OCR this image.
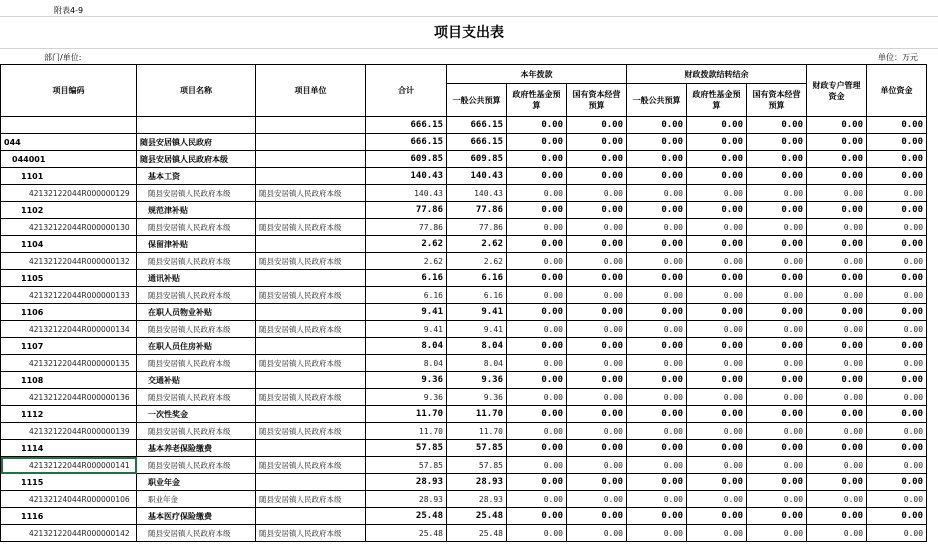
附表4-9
项目支出表
部门/单位:	单位：万元
项目编码	项目名称	项目单位	合计	本年拨款			财政拨款结转结余			财政专户管理资金	单位资金
				一般公共预算	政府性基金预算	国有资本经营预算	一般公共预算	政府性基金预算	国有资本经营预算		
			666.15	666.15	0.00	0.00	0.00	0.00	0.00	0.00	0.00
044	随县安居镇人民政府		666.15	666.15	0.00	0.00	0.00	0.00	0.00	0.00	0.00
044001	随县安居镇人民政府本级		609.85	609.85	0.00	0.00	0.00	0.00	0.00	0.00	0.00
1101	基本工资		140.43	140.43	0.00	0.00	0.00	0.00	0.00	0.00	0.00
42132122044R000000129	随县安居镇人民政府本级	随县安居镇人民政府本级	140.43	140.43	0.00	0.00	0.00	0.00	0.00	0.00	0.00
1102	规范津补贴		77.86	77.86	0.00	0.00	0.00	0.00	0.00	0.00	0.00
42132122044R000000130	随县安居镇人民政府本级	随县安居镇人民政府本级	77.86	77.86	0.00	0.00	0.00	0.00	0.00	0.00	0.00
1104	保留津补贴		2.62	2.62	0.00	0.00	0.00	0.00	0.00	0.00	0.00
42132122044R000000132	随县安居镇人民政府本级	随县安居镇人民政府本级	2.62	2.62	0.00	0.00	0.00	0.00	0.00	0.00	0.00
1105	通讯补贴		6.16	6.16	0.00	0.00	0.00	0.00	0.00	0.00	0.00
42132122044R000000133	随县安居镇人民政府本级	随县安居镇人民政府本级	6.16	6.16	0.00	0.00	0.00	0.00	0.00	0.00	0.00
1106	在职人员物业补贴		9.41	9.41	0.00	0.00	0.00	0.00	0.00	0.00	0.00
42132122044R000000134	随县安居镇人民政府本级	随县安居镇人民政府本级	9.41	9.41	0.00	0.00	0.00	0.00	0.00	0.00	0.00
1107	在职人员住房补贴		8.04	8.04	0.00	0.00	0.00	0.00	0.00	0.00	0.00
42132122044R000000135	随县安居镇人民政府本级	随县安居镇人民政府本级	8.04	8.04	0.00	0.00	0.00	0.00	0.00	0.00	0.00
1108	交通补贴		9.36	9.36	0.00	0.00	0.00	0.00	0.00	0.00	0.00
42132122044R000000136	随县安居镇人民政府本级	随县安居镇人民政府本级	9.36	9.36	0.00	0.00	0.00	0.00	0.00	0.00	0.00
1112	一次性奖金		11.70	11.70	0.00	0.00	0.00	0.00	0.00	0.00	0.00
42132122044R000000139	随县安居镇人民政府本级	随县安居镇人民政府本级	11.70	11.70	0.00	0.00	0.00	0.00	0.00	0.00	0.00
1114	基本养老保险缴费		57.85	57.85	0.00	0.00	0.00	0.00	0.00	0.00	0.00
42132122044R000000141	随县安居镇人民政府本级	随县安居镇人民政府本级	57.85	57.85	0.00	0.00	0.00	0.00	0.00	0.00	0.00
1115	职业年金		28.93	28.93	0.00	0.00	0.00	0.00	0.00	0.00	0.00
42132124044R000000106	职业年金	随县安居镇人民政府本级	28.93	28.93	0.00	0.00	0.00	0.00	0.00	0.00	0.00
1116	基本医疗保险缴费		25.48	25.48	0.00	0.00	0.00	0.00	0.00	0.00	0.00
42132122044R000000142	随县安居镇人民政府本级	随县安居镇人民政府本级	25.48	25.48	0.00	0.00	0.00	0.00	0.00	0.00	0.00
